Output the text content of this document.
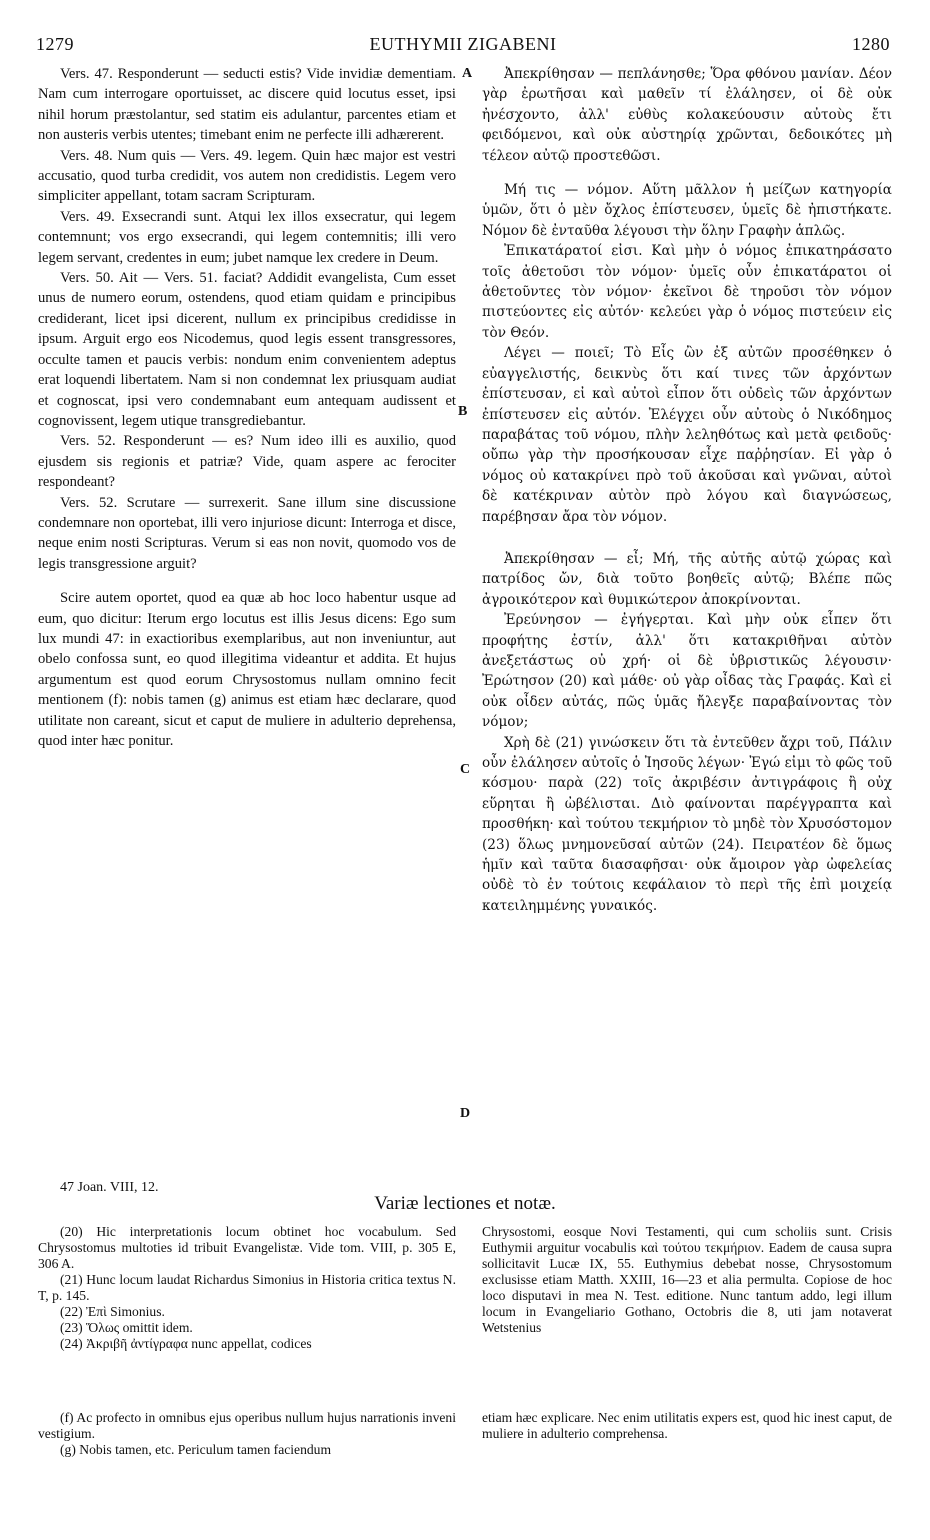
1279	EUTHYMII ZIGABENI	1280

Vers. 47. Responderunt — seducti estis? Vide invidiæ dementiam. Nam cum interrogare oportuisset, ac discere quid locutus esset, ipsi nihil horum præstolantur, sed statim eis adulantur, parcentes etiam et non austeris verbis utentes; timebant enim ne perfecte illi adhærerent.

Vers. 48. Num quis — Vers. 49. legem. Quin hæc major est vestri accusatio, quod turba credidit, vos autem non credidistis. Legem vero simpliciter appellant, totam sacram Scripturam.

Vers. 49. Exsecrandi sunt. Atqui lex illos exsecratur, qui legem contemnunt; vos ergo exsecrandi, qui legem contemnitis; illi vero legem servant, credentes in eum; jubet namque lex credere in Deum.

Vers. 50. Ait — Vers. 51. faciat? Addidit evangelista, Cum esset unus de numero eorum, ostendens, quod etiam quidam e principibus crediderant, licet ipsi dicerent, nullum ex principibus credidisse in ipsum. Arguit ergo eos Nicodemus, quod legis essent transgressores, occulte tamen et paucis verbis: nondum enim convenientem adeptus erat loquendi libertatem. Nam si non condemnat lex priusquam audiat et cognoscat, ipsi vero condemnabant eum antequam audissent et cognovissent, legem utique transgrediebantur.

Vers. 52. Responderunt — es? Num ideo illi es auxilio, quod ejusdem sis regionis et patriæ? Vide, quam aspere ac ferociter respondeant?

Vers. 52. Scrutare — surrexerit. Sane illum sine discussione condemnare non oportebat, illi vero injuriose dicunt: Interroga et disce, neque enim nosti Scripturas. Verum si eas non novit, quomodo vos de legis transgressione arguit?

Scire autem oportet, quod ea quæ ab hoc loco habentur usque ad eum, quo dicitur: Iterum ergo locutus est illis Jesus dicens: Ego sum lux mundi 47: in exactioribus exemplaribus, aut non inveniuntur, aut obelo confossa sunt, eo quod illegitima videantur et addita. Et hujus argumentum est quod eorum Chrysostomus nullam omnino fecit mentionem (f): nobis tamen (g) animus est etiam hæc declarare, quod utilitate non careant, sicut et caput de muliere in adulterio deprehensa, quod inter hæc ponitur.

Ἀπεκρίθησαν — πεπλάνησθε; Ὅρα φθόνου μανίαν. Δέον γὰρ ἐρωτῆσαι καὶ μαθεῖν τί ἐλάλησεν, οἱ δὲ οὐκ ἠνέσχοντο, ἀλλ' εὐθὺς κολακεύουσιν αὐτοὺς ἔτι φειδόμενοι, καὶ οὐκ αὐστηρίᾳ χρῶνται, δεδοικότες μὴ τέλεον αὐτῷ προστεθῶσι.

Μή τις — νόμον. Αὕτη μᾶλλον ἡ μείζων κατηγορία ὑμῶν, ὅτι ὁ μὲν ὄχλος ἐπίστευσεν, ὑμεῖς δὲ ἠπιστήκατε. Νόμον δὲ ἐνταῦθα λέγουσι τὴν ὅλην Γραφὴν ἁπλῶς.

Ἐπικατάρατοί εἰσι. Καὶ μὴν ὁ νόμος ἐπικατηράσατο τοῖς ἀθετοῦσι τὸν νόμον· ὑμεῖς οὖν ἐπικατάρατοι οἱ ἀθετοῦντες τὸν νόμον· ἐκεῖνοι δὲ τηροῦσι τὸν νόμον πιστεύοντες εἰς αὐτόν· κελεύει γὰρ ὁ νόμος πιστεύειν εἰς τὸν Θεόν.

Λέγει — ποιεῖ; Τὸ Εἷς ὢν ἐξ αὐτῶν προσέθηκεν ὁ εὐαγγελιστής, δεικνὺς ὅτι καί τινες τῶν ἀρχόντων ἐπίστευσαν, εἰ καὶ αὐτοὶ εἶπον ὅτι οὐδεὶς τῶν ἀρχόντων ἐπίστευσεν εἰς αὐτόν. Ἐλέγχει οὖν αὐτοὺς ὁ Νικόδημος παραβάτας τοῦ νόμου, πλὴν λεληθότως καὶ μετὰ φειδοῦς· οὔπω γὰρ τὴν προσήκουσαν εἶχε παῤῥησίαν. Εἰ γὰρ ὁ νόμος οὐ κατακρίνει πρὸ τοῦ ἀκοῦσαι καὶ γνῶναι, αὐτοὶ δὲ κατέκριναν αὐτὸν πρὸ λόγου καὶ διαγνώσεως, παρέβησαν ἄρα τὸν νόμον.

Ἀπεκρίθησαν — εἶ; Μή, τῆς αὐτῆς αὐτῷ χώρας καὶ πατρίδος ὤν, διὰ τοῦτο βοηθεῖς αὐτῷ; Βλέπε πῶς ἀγροικότερον καὶ θυμικώτερον ἀποκρίνονται.

Ἐρεύνησον — ἐγήγερται. Καὶ μὴν οὐκ εἶπεν ὅτι προφήτης ἐστίν, ἀλλ' ὅτι κατακριθῆναι αὐτὸν ἀνεξετάστως οὐ χρή· οἱ δὲ ὑβριστικῶς λέγουσιν· Ἐρώτησον (20) καὶ μάθε· οὐ γὰρ οἶδας τὰς Γραφάς. Καὶ εἰ οὐκ οἶδεν αὐτάς, πῶς ὑμᾶς ἤλεγξε παραβαίνοντας τὸν νόμον;

Χρὴ δὲ (21) γινώσκειν ὅτι τὰ ἐντεῦθεν ἄχρι τοῦ, Πάλιν οὖν ἐλάλησεν αὐτοῖς ὁ Ἰησοῦς λέγων· Ἐγώ εἰμι τὸ φῶς τοῦ κόσμου· παρὰ (22) τοῖς ἀκριβέσιν ἀντιγράφοις ἢ οὐχ εὕρηται ἢ ὠβέλισται. Διὸ φαίνονται παρέγγραπτα καὶ προσθήκη· καὶ τούτου τεκμήριον τὸ μηδὲ τὸν Χρυσόστομον (23) ὅλως μνημονεῦσαί αὐτῶν (24). Πειρατέον δὲ ὅμως ἡμῖν καὶ ταῦτα διασαφῆσαι· οὐκ ἄμοιρον γὰρ ὠφελείας οὐδὲ τὸ ἐν τούτοις κεφάλαιον τὸ περὶ τῆς ἐπὶ μοιχείᾳ κατειλημμένης γυναικός.

A
B
C
D
47 Joan. VIII, 12.
Variæ lectiones et notæ.

(20) Hic interpretationis locum obtinet hoc vocabulum. Sed Chrysostomus multoties id tribuit Evangelistæ. Vide tom. VIII, p. 305 E, 306 A.

(21) Hunc locum laudat Richardus Simonius in Historia critica textus N. T, p. 145.

(22) Ἐπὶ Simonius.

(23) Ὅλως omittit idem.

(24) Ἀκριβῆ ἀντίγραφα nunc appellat, codices

Chrysostomi, eosque Novi Testamenti, qui cum scholiis sunt. Crisis Euthymii arguitur vocabulis καὶ τούτου τεκμήριον. Eadem de causa supra sollicitavit Lucæ IX, 55. Euthymius debebat nosse, Chrysostomum exclusisse etiam Matth. XXIII, 16—23 et alia permulta. Copiose de hoc loco disputavi in mea N. Test. editione. Nunc tantum addo, legi illum locum in Evangeliario Gothano, Octobris die 8, uti jam notaverat Wetstenius

(f) Ac profecto in omnibus ejus operibus nullum hujus narrationis inveni vestigium.

(g) Nobis tamen, etc. Periculum tamen faciendum

etiam hæc explicare. Nec enim utilitatis expers est, quod hic inest caput, de muliere in adulterio comprehensa.
